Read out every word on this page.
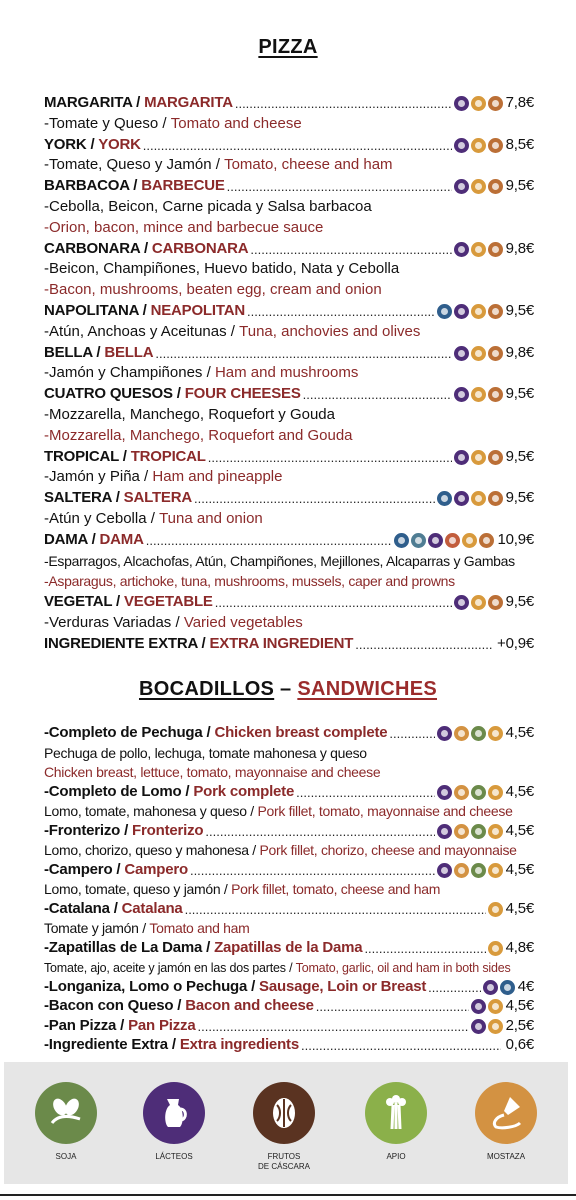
PIZZA
MARGARITA / MARGARITA .....	7,8€
-Tomate y Queso / Tomato and cheese
YORK / YORK .....	8,5€
-Tomate, Queso y Jamón / Tomato, cheese and ham
BARBACOA / BARBECUE .....	9,5€
-Cebolla, Beicon, Carne picada y Salsa barbacoa
-Orion, bacon, mince and barbecue sauce
CARBONARA / CARBONARA .....	9,8€
-Beicon, Champiñones, Huevo batido, Nata y Cebolla
-Bacon, mushrooms, beaten egg, cream and onion
NAPOLITANA / NEAPOLITAN .....	9,5€
-Atún, Anchoas y Aceitunas / Tuna, anchovies and olives
BELLA / BELLA .....	9,8€
-Jamón y Champiñones / Ham and mushrooms
CUATRO QUESOS / FOUR CHEESES .....	9,5€
-Mozzarella, Manchego, Roquefort y Gouda
-Mozzarella, Manchego, Roquefort and Gouda
TROPICAL / TROPICAL .....	9,5€
-Jamón y Piña / Ham and pineapple
SALTERA / SALTERA .....	9,5€
-Atún y Cebolla / Tuna and onion
DAMA / DAMA .....	10,9€
-Esparragos, Alcachofas, Atún, Champiñones, Mejillones, Alcaparras y Gambas
-Asparagus, artichoke, tuna, mushrooms, mussels, caper and prowns
VEGETAL / VEGETABLE .....	9,5€
-Verduras Variadas / Varied vegetables
INGREDIENTE EXTRA / EXTRA INGREDIENT .....	+0,9€
BOCADILLOS – SANDWICHES
-Completo de Pechuga / Chicken breast complete .....	4,5€
Pechuga de pollo, lechuga, tomate mahonesa y queso
Chicken breast, lettuce, tomato, mayonnaise and cheese
-Completo de Lomo / Pork complete .....	4,5€
Lomo, tomate, mahonesa y queso / Pork fillet, tomato, mayonnaise and cheese
-Fronterizo / Fronterizo .....	4,5€
Lomo, chorizo, queso y mahonesa / Pork fillet, chorizo, cheese and mayonnaise
-Campero / Campero .....	4,5€
Lomo, tomate, queso y jamón / Pork fillet, tomato, cheese and ham
-Catalana / Catalana .....	4,5€
Tomate y jamón / Tomato and ham
-Zapatillas de La Dama / Zapatillas de la Dama .....	4,8€
Tomate, ajo, aceite y jamón en las dos partes / Tomato, garlic, oil and ham in both sides
-Longaniza, Lomo o Pechuga / Sausage, Loin or Breast .....	4€
-Bacon con Queso / Bacon and cheese .....	4,5€
-Pan Pizza / Pan Pizza .....	2,5€
-Ingrediente Extra / Extra ingredients .....	0,6€
SOJA	LÁCTEOS	FRUTOS
DE CÁSCARA
APIO	MOSTAZA
